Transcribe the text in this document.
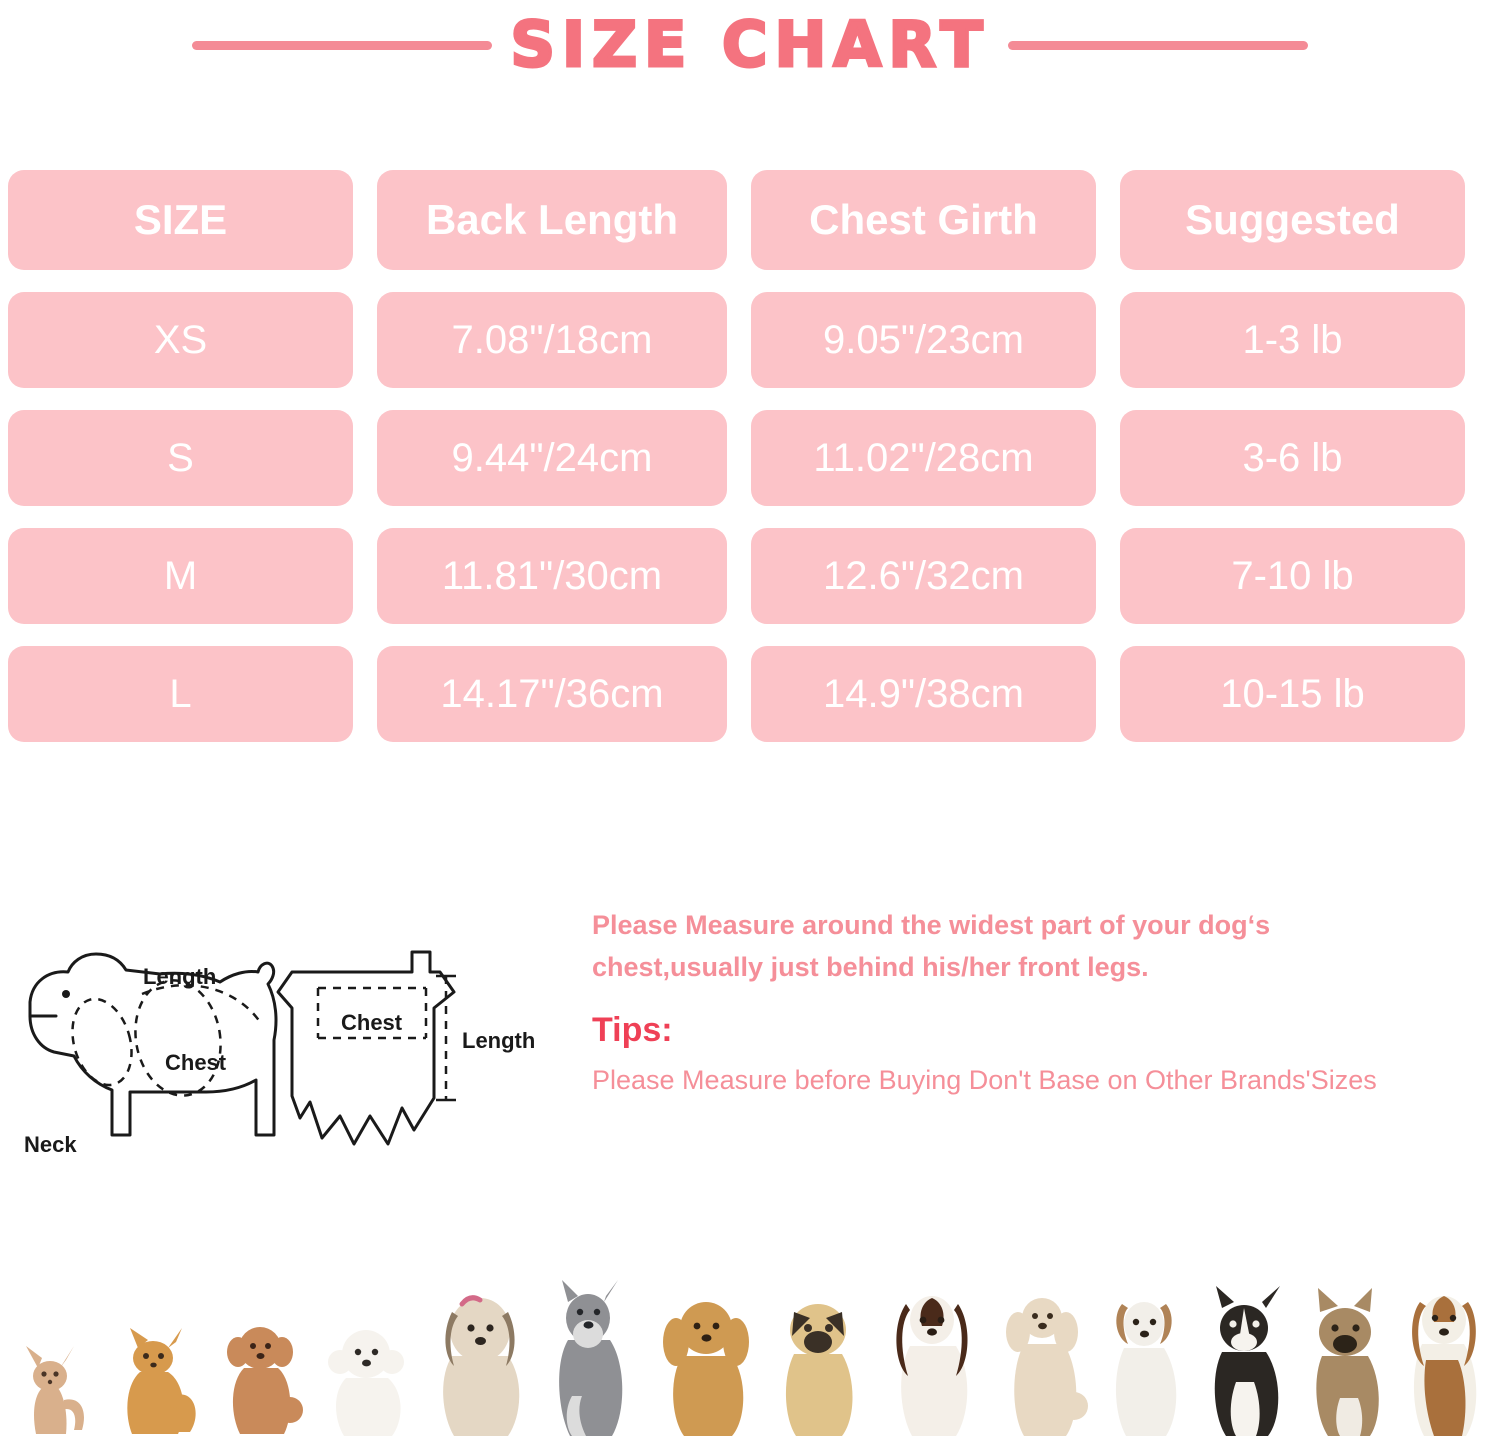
SIZE CHART
SIZE	Back Length	Chest Girth	Suggested
XS	7.08"/18cm	9.05"/23cm	1-3 lb
S	9.44"/24cm	11.02"/28cm	3-6 lb
M	11.81"/30cm	12.6"/32cm	7-10 lb
L	14.17"/36cm	14.9"/38cm	10-15 lb
Length
Chest
Neck
Chest
Length

Please Measure around the widest part of your dog‘s chest,usually just behind his/her front legs.

Tips:

Please Measure before Buying Don't Base on Other Brands'Sizes
